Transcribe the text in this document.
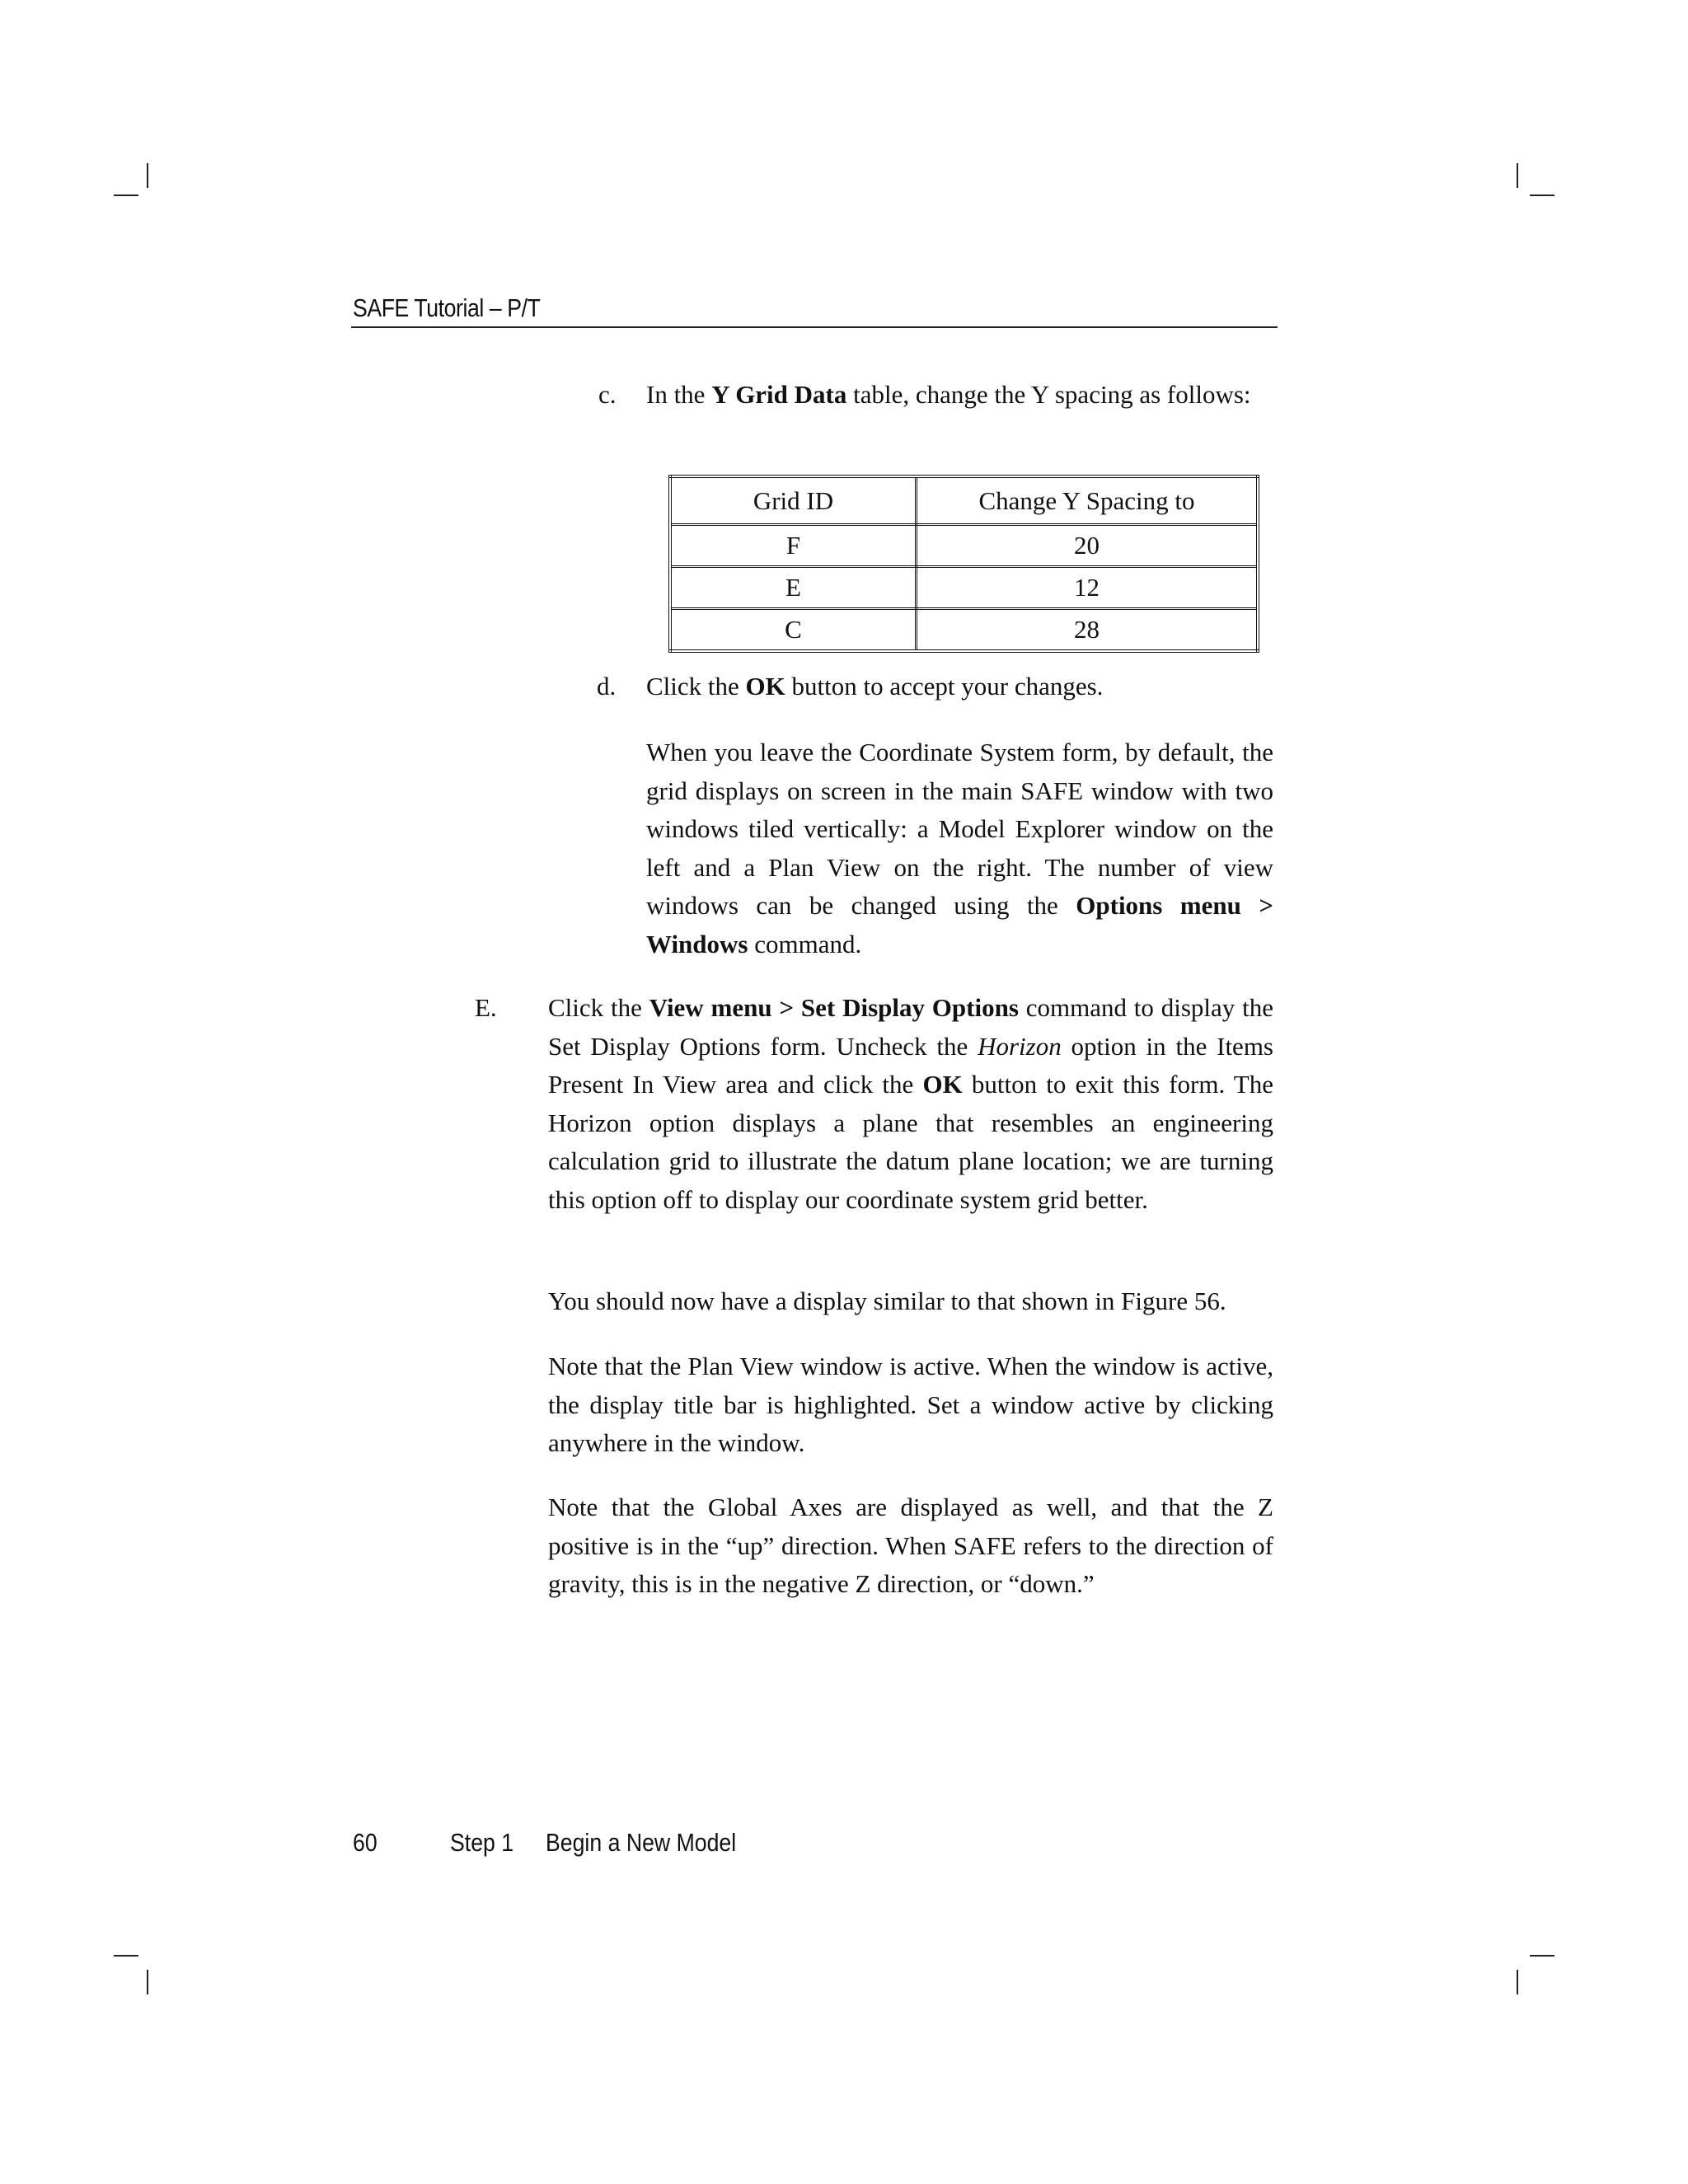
SAFE Tutorial – P/T
c. In the Y Grid Data table, change the Y spacing as follows:
Grid ID	Change Y Spacing to
F	20
E	12
C	28
d. Click the OK button to accept your changes.
When you leave the Coordinate System form, by default, the grid displays on screen in the main SAFE window with two windows tiled vertically: a Model Explorer window on the left and a Plan View on the right. The number of view windows can be changed using the Options menu > Windows command.
E. Click the View menu > Set Display Options command to display the Set Display Options form. Uncheck the Horizon option in the Items Present In View area and click the OK button to exit this form. The Horizon option displays a plane that resembles an engineering calculation grid to illustrate the datum plane location; we are turning this option off to display our coordinate system grid better.
You should now have a display similar to that shown in Figure 56.
Note that the Plan View window is active. When the window is active, the display title bar is highlighted. Set a window active by clicking anywhere in the window.
Note that the Global Axes are displayed as well, and that the Z positive is in the “up” direction. When SAFE refers to the direction of gravity, this is in the negative Z direction, or “down.”
60	Step 1 Begin a New Model
